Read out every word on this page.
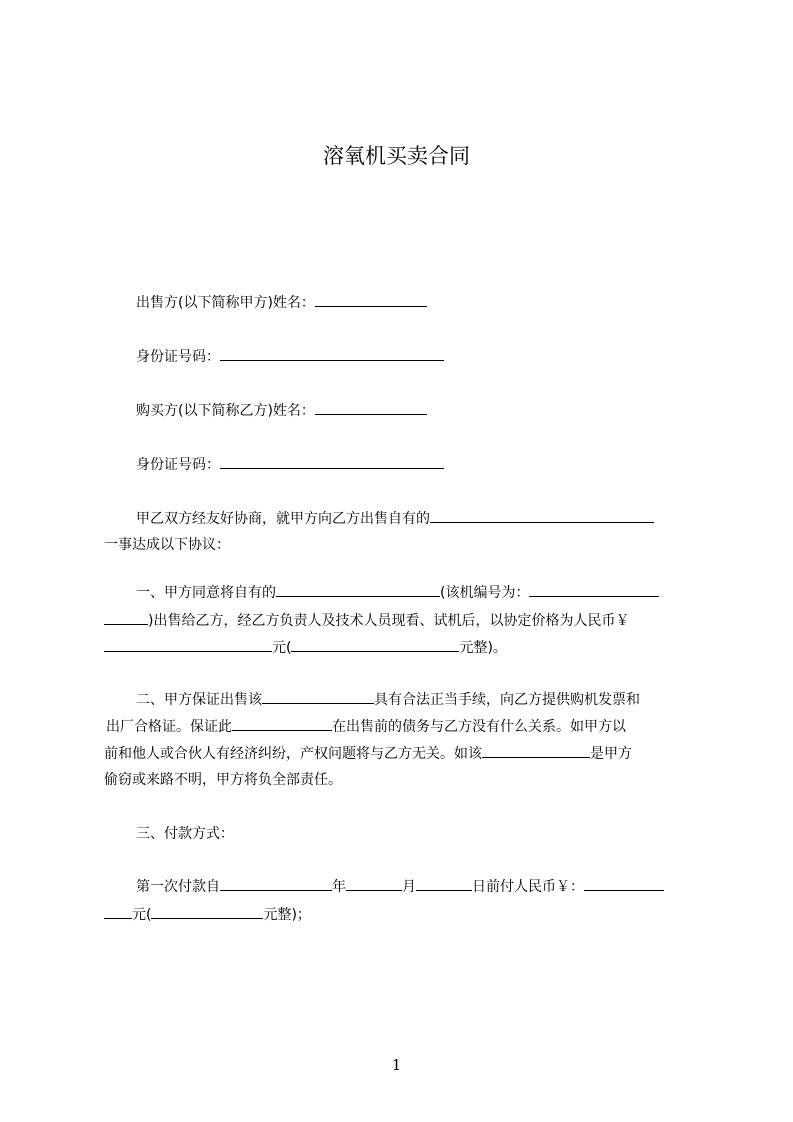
溶氧机买卖合同
出售方(以下简称甲方)姓名：
身份证号码：
购买方(以下简称乙方)姓名：
身份证号码：
甲乙双方经友好协商，就甲方向乙方出售自有的
一事达成以下协议：
一、甲方同意将自有的	(该机编号为：
)出售给乙方，经乙方负责人及技术人员现看、试机后，以协定价格为人民币￥
元(	元整)。
二、甲方保证出售该	具有合法正当手续，向乙方提供购机发票和
出厂合格证。保证此	在出售前的债务与乙方没有什么关系。如甲方以
前和他人或合伙人有经济纠纷，产权问题将与乙方无关。如该	是甲方
偷窃或来路不明，甲方将负全部责任。
三、付款方式：
第一次付款自	年	月	日前付人民币￥：
元(	元整)；
1
